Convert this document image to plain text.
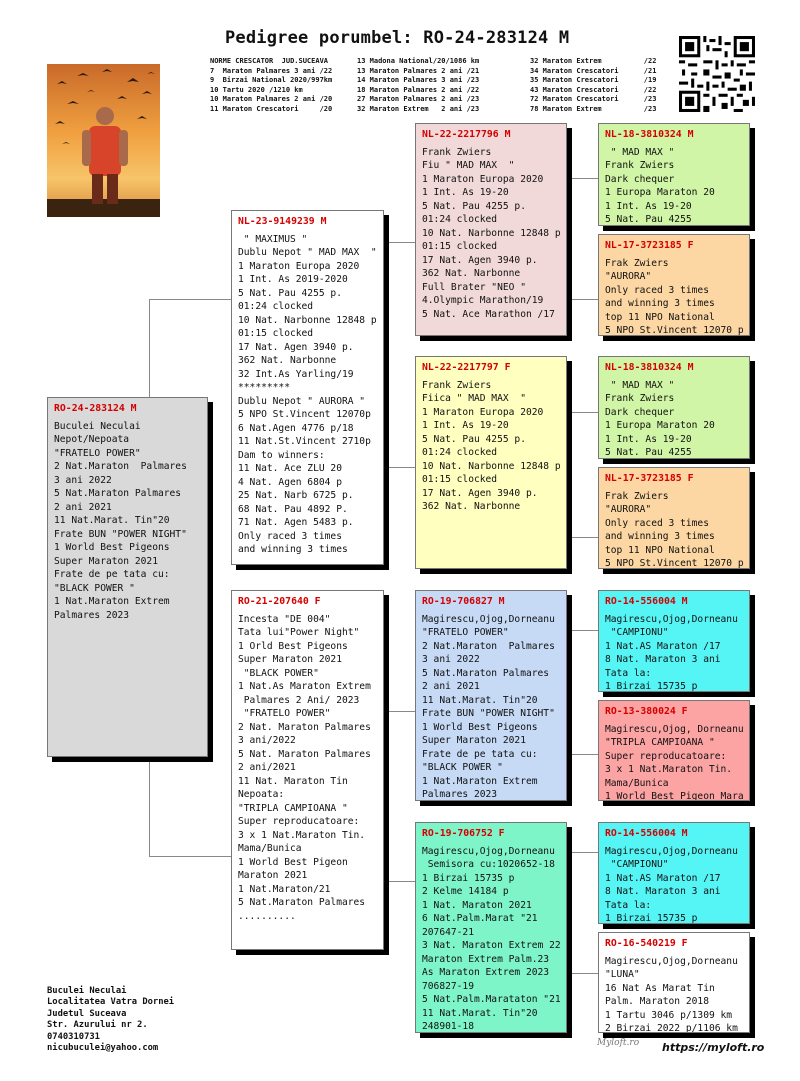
Pedigree porumbel: RO-24-283124 M
NORME CRESCATOR  JUD.SUCEAVA
7  Maraton Palmares 3 ani /22
9  Birzai National 2020/997km
10 Tartu 2020 /1210 km
10 Maraton Palmares 2 ani /20
11 Maraton Crescatori     /20
13 Madona National/20/1086 km
13 Maraton Palmares 2 ani /21
14 Maraton Palmares 3 ani /23
18 Maraton Palmares 2 ani /22
27 Maraton Palmares 2 ani /23
32 Maraton Extrem   2 ani /23
32 Maraton Extrem          /22
34 Maraton Crescatori      /21
35 Maraton Crescatori      /19
43 Maraton Crescatori      /22
72 Maraton Crescatori      /23
78 Maraton Extrem          /23
RO-24-283124 M
Buculei Neculai
Nepot/Nepoata
"FRATELO POWER"
2 Nat.Maraton  Palmares
3 ani 2022
5 Nat.Maraton Palmares
2 ani 2021
11 Nat.Marat. Tin"20
Frate BUN "POWER NIGHT"
1 World Best Pigeons
Super Maraton 2021
Frate de pe tata cu:
"BLACK POWER "
1 Nat.Maraton Extrem
Palmares 2023
NL-23-9149239 M
" MAXIMUS "
Dublu Nepot " MAD MAX  "
1 Maraton Europa 2020
1 Int. As 2019-2020
5 Nat. Pau 4255 p.
01:24 clocked
10 Nat. Narbonne 12848 p
01:15 clocked
17 Nat. Agen 3940 p.
362 Nat. Narbonne
32 Int.As Yarling/19
*********
Dublu Nepot " AURORA "
5 NPO St.Vincent 12070p
6 Nat.Agen 4776 p/18
11 Nat.St.Vincent 2710p
Dam to winners:
11 Nat. Ace ZLU 20
4 Nat. Agen 6804 p
25 Nat. Narb 6725 p.
68 Nat. Pau 4892 P.
71 Nat. Agen 5483 p.
Only raced 3 times
and winning 3 times
RO-21-207640 F
Incesta "DE 004"
Tata lui"Power Night"
1 Orld Best Pigeons
Super Maraton 2021
"BLACK POWER"
1 Nat.As Maraton Extrem
Palmares 2 Ani/ 2023
"FRATELO POWER"
2 Nat. Maraton Palmares
3 ani/2022
5 Nat. Maraton Palmares
2 ani/2021
11 Nat. Maraton Tin
Nepoata:
"TRIPLA CAMPIOANA "
Super reproducatoare:
3 x 1 Nat.Maraton Tin.
Mama/Bunica
1 World Best Pigeon
Maraton 2021
1 Nat.Maraton/21
5 Nat.Maraton Palmares
..........
NL-22-2217796 M
Frank Zwiers
Fiu " MAD MAX  "
1 Maraton Europa 2020
1 Int. As 19-20
5 Nat. Pau 4255 p.
01:24 clocked
10 Nat. Narbonne 12848 p
01:15 clocked
17 Nat. Agen 3940 p.
362 Nat. Narbonne
Full Brater "NEO "
4.Olympic Marathon/19
5 Nat. Ace Marathon /17
NL-22-2217797 F
Frank Zwiers
Fiica " MAD MAX  "
1 Maraton Europa 2020
1 Int. As 19-20
5 Nat. Pau 4255 p.
01:24 clocked
10 Nat. Narbonne 12848 p
01:15 clocked
17 Nat. Agen 3940 p.
362 Nat. Narbonne
RO-19-706827 M
Magirescu,Ojog,Dorneanu
"FRATELO POWER"
2 Nat.Maraton  Palmares
3 ani 2022
5 Nat.Maraton Palmares
2 ani 2021
11 Nat.Marat. Tin"20
Frate BUN "POWER NIGHT"
1 World Best Pigeons
Super Maraton 2021
Frate de pe tata cu:
"BLACK POWER "
1 Nat.Maraton Extrem
Palmares 2023
RO-19-706752 F
Magirescu,Ojog,Dorneanu
Semisora cu:1020652-18
1 Birzai 15735 p
2 Kelme 14184 p
1 Nat. Maraton 2021
6 Nat.Palm.Marat "21
207647-21
3 Nat. Maraton Extrem 22
Maraton Extrem Palm.23
As Maraton Extrem 2023
706827-19
5 Nat.Palm.Marataton "21
11 Nat.Marat. Tin"20
248901-18
NL-18-3810324 M
" MAD MAX "
Frank Zwiers
Dark chequer
1 Europa Maraton 20
1 Int. As 19-20
5 Nat. Pau 4255
NL-17-3723185 F
Frak Zwiers
"AURORA"
Only raced 3 times
and winning 3 times
top 11 NPO National
5 NPO St.Vincent 12070 p
NL-18-3810324 M
" MAD MAX "
Frank Zwiers
Dark chequer
1 Europa Maraton 20
1 Int. As 19-20
5 Nat. Pau 4255
NL-17-3723185 F
Frak Zwiers
"AURORA"
Only raced 3 times
and winning 3 times
top 11 NPO National
5 NPO St.Vincent 12070 p
RO-14-556004 M
Magirescu,Ojog,Dorneanu
"CAMPIONU"
1 Nat.AS Maraton /17
8 Nat. Maraton 3 ani
Tata la:
1 Birzai 15735 p
RO-13-380024 F
Magirescu,Ojog, Dorneanu
"TRIPLA CAMPIOANA "
Super reproducatoare:
3 x 1 Nat.Maraton Tin.
Mama/Bunica
1 World Best Pigeon Mara
RO-14-556004 M
Magirescu,Ojog,Dorneanu
"CAMPIONU"
1 Nat.AS Maraton /17
8 Nat. Maraton 3 ani
Tata la:
1 Birzai 15735 p
RO-16-540219 F
Magirescu,Ojog,Dorneanu
"LUNA"
16 Nat As Marat Tin
Palm. Maraton 2018
1 Tartu 3046 p/1309 km
2 Birzai 2022 p/1106 km
Buculei Neculai
Localitatea Vatra Dornei
Judetul Suceava
Str. Azurului nr 2.
0740310731
nicubuculei@yahoo.com
Myloft.ro https://myloft.ro
